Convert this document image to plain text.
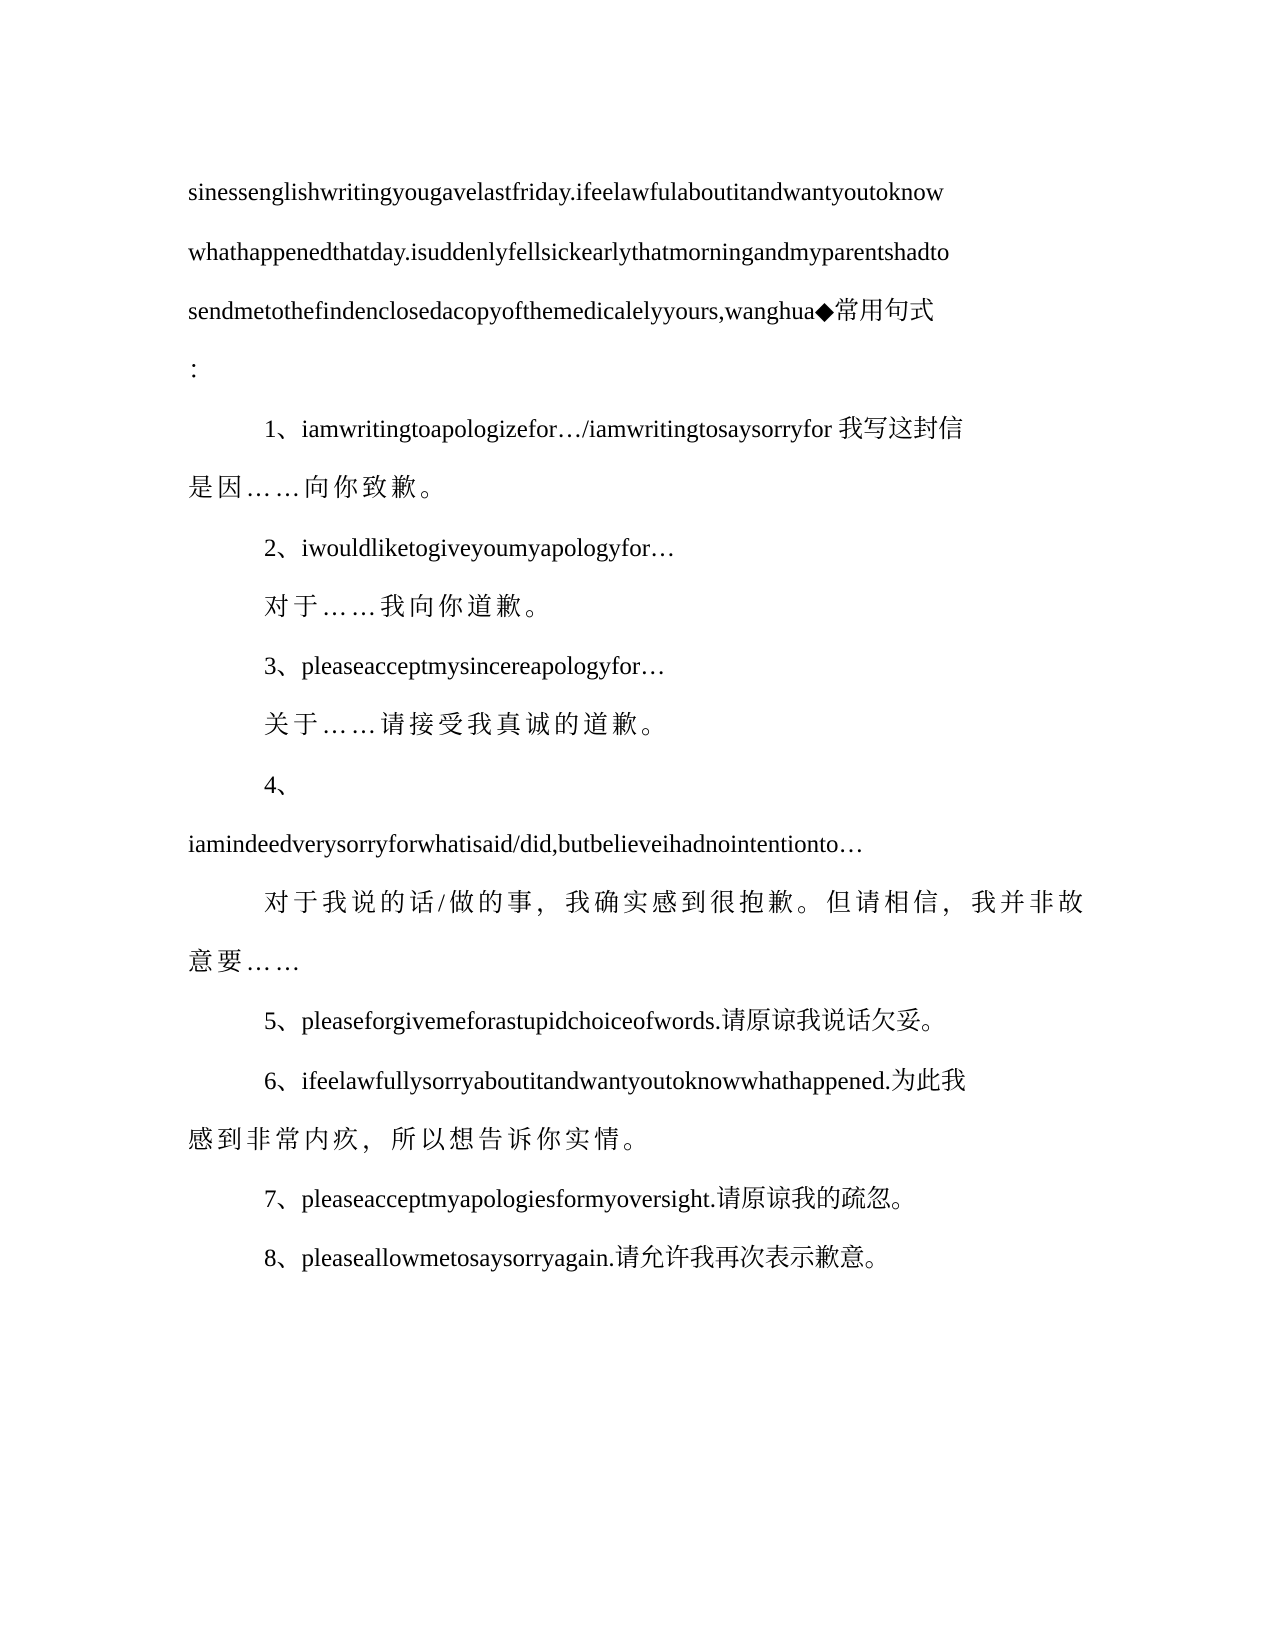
sinessenglishwritingyougavelastfriday.ifeelawfulaboutitandwantyoutoknow
whathappenedthatday.isuddenlyfellsickearlythatmorningandmyparentshadto
sendmetothefindenclosedacopyofthemedicalelyyours,wanghua◆常用句式
：
1、iamwritingtoapologizefor…/iamwritingtosaysorryfor 我写这封信
是因……向你致歉。
2、iwouldliketogiveyoumyapologyfor…
对于……我向你道歉。
3、pleaseacceptmysincereapologyfor…
关于……请接受我真诚的道歉。
4、
iamindeedverysorryforwhatisaid/did,butbelieveihadnointentionto…
对于我说的话/做的事，我确实感到很抱歉。但请相信，我并非故
意要……
5、pleaseforgivemeforastupidchoiceofwords.请原谅我说话欠妥。
6、ifeelawfullysorryaboutitandwantyoutoknowwhathappened.为此我
感到非常内疚，所以想告诉你实情。
7、pleaseacceptmyapologiesformyoversight.请原谅我的疏忽。
8、pleaseallowmetosaysorryagain.请允许我再次表示歉意。
